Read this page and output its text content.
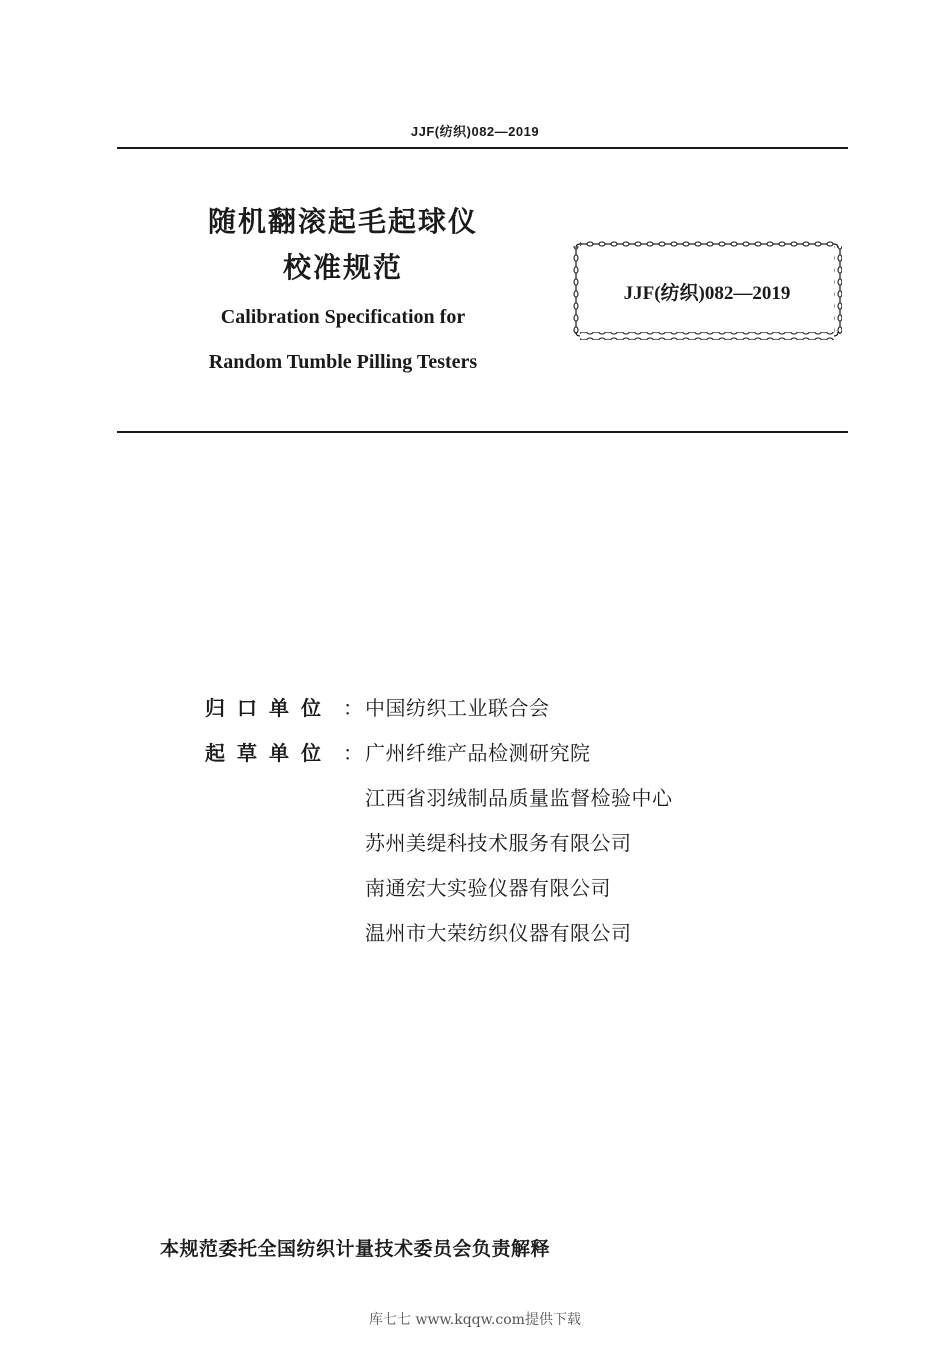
JJF(纺织)082—2019
随机翻滚起毛起球仪
校准规范
Calibration Specification for
Random Tumble Pilling Testers
JJF(纺织)082—2019
归口单位 ： 中国纺织工业联合会
起草单位 ： 广州纤维产品检测研究院
江西省羽绒制品质量监督检验中心
苏州美缇科技术服务有限公司
南通宏大实验仪器有限公司
温州市大荣纺织仪器有限公司
本规范委托全国纺织计量技术委员会负责解释
库七七 www.kqqw.com提供下载
